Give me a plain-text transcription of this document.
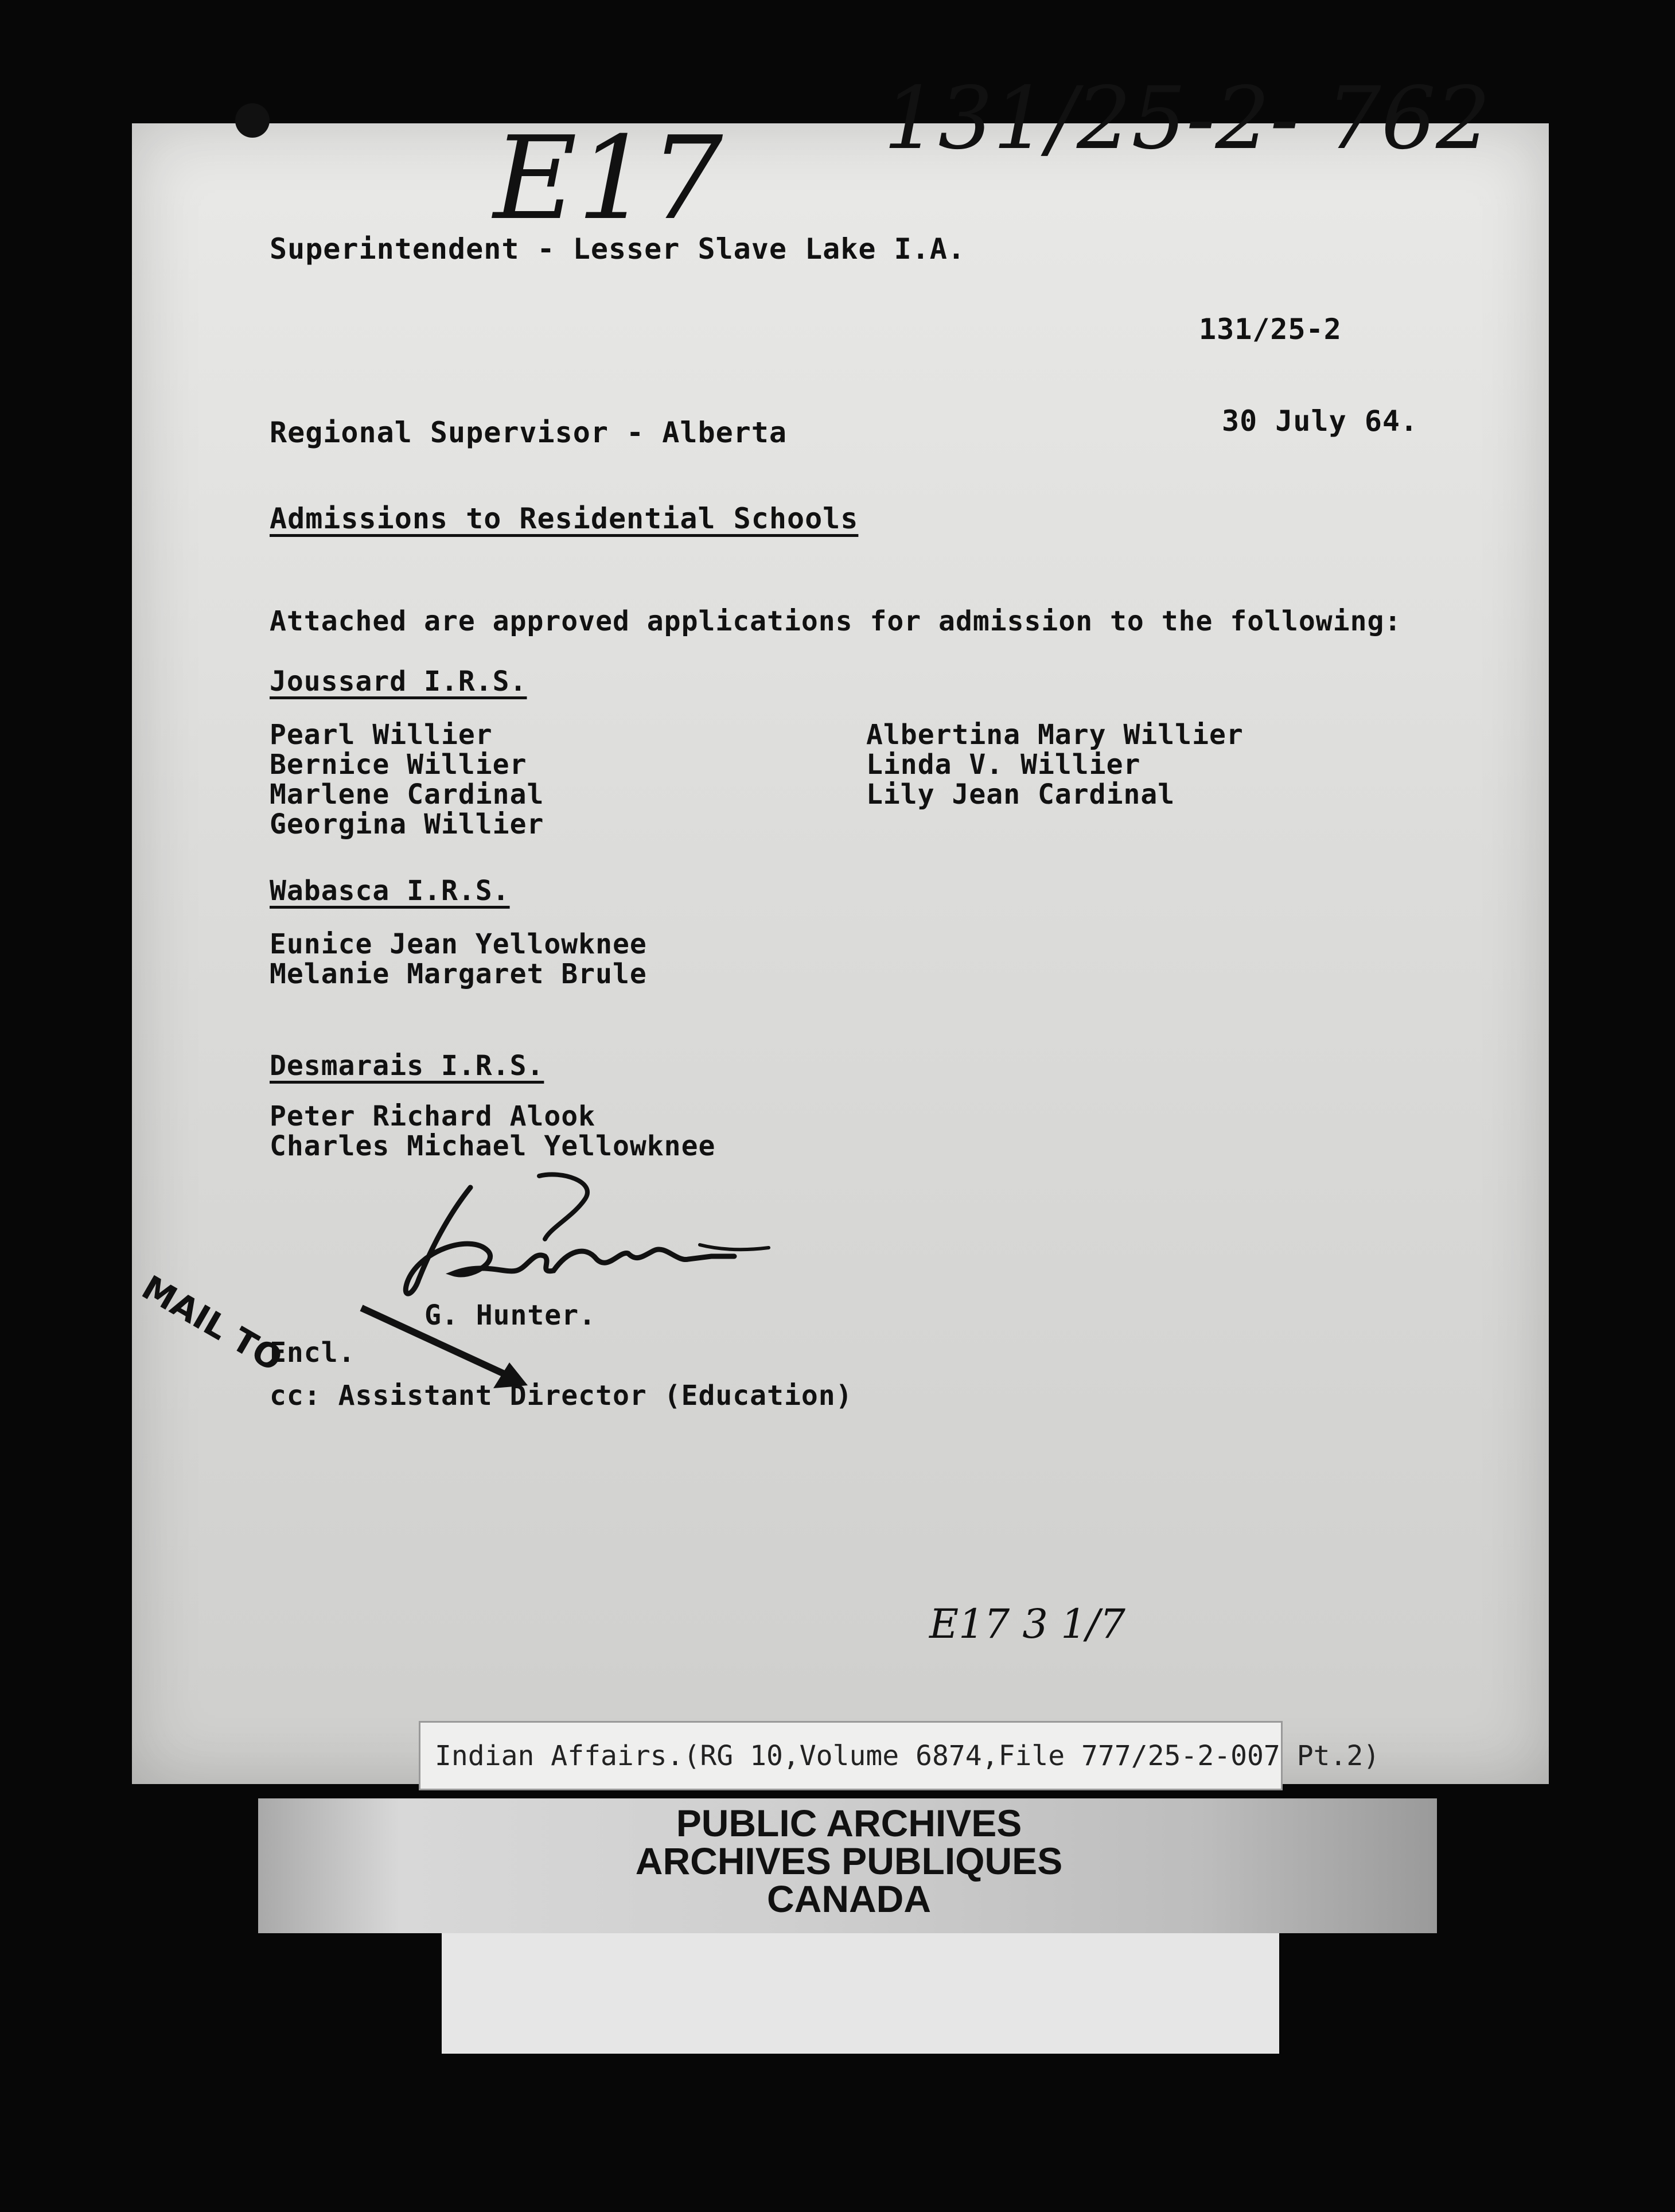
131/25-2- 762
E17
Superintendent - Lesser Slave Lake I.A.
131/25-2
Regional Supervisor - Alberta	30 July 64.
Admissions to Residential Schools
Attached are approved applications for admission to the following:
Joussard I.R.S.
Pearl Willier
Bernice Willier
Marlene Cardinal
Georgina Willier
Albertina Mary Willier
Linda V. Willier
Lily Jean Cardinal
Wabasca I.R.S.
Eunice Jean Yellowknee
Melanie Margaret Brule
Desmarais I.R.S.
Peter Richard Alook
Charles Michael Yellowknee
MAIL TO	G. Hunter.
Encl.
cc: Assistant Director (Education)
E17 3 1/7
Indian Affairs.(RG 10,Volume 6874,File 777/25-2-007 Pt.2)
PUBLIC ARCHIVES
ARCHIVES PUBLIQUES
CANADA
